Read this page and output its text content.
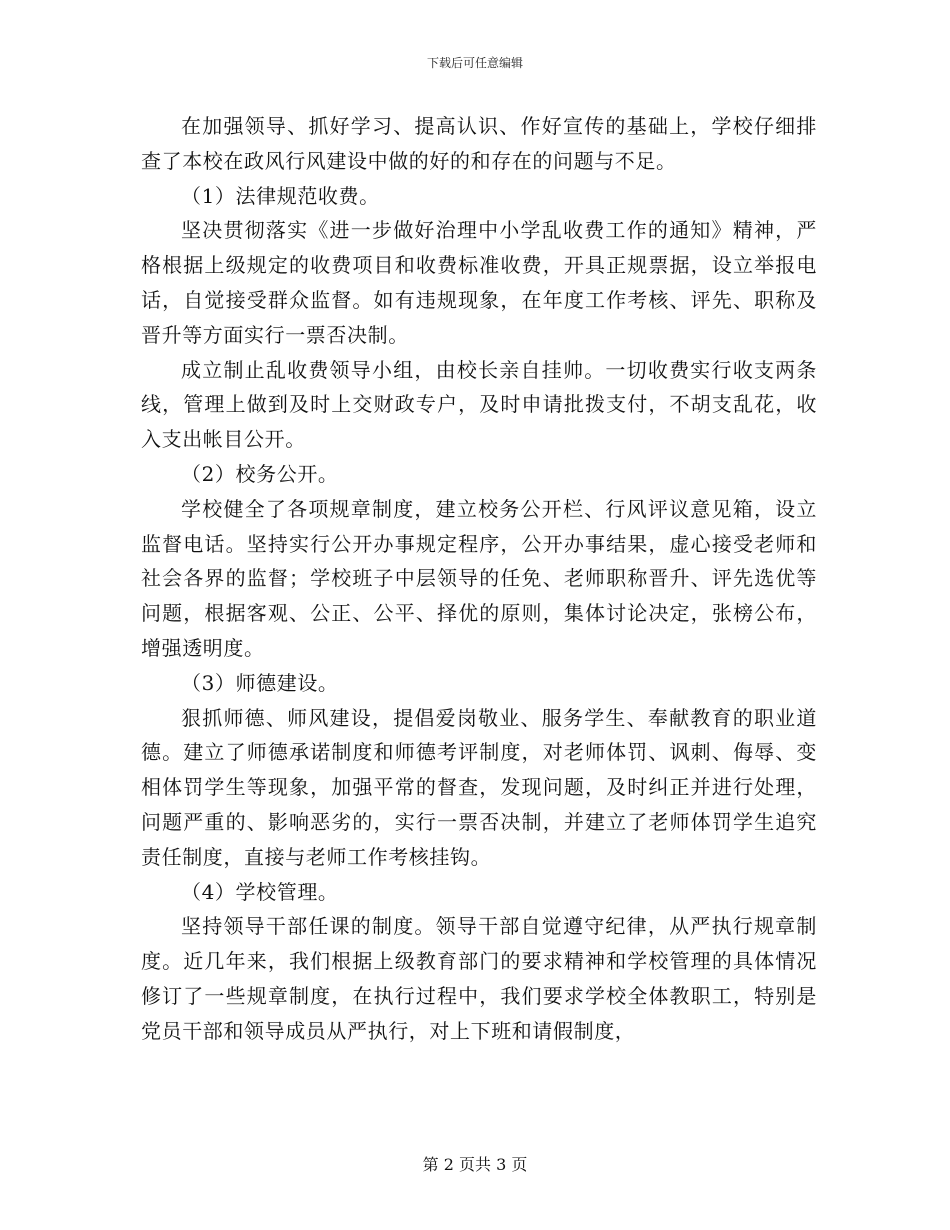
下载后可任意编辑

在加强领导、抓好学习、提高认识、作好宣传的基础上，学校仔细排查了本校在政风行风建设中做的好的和存在的问题与不足。

（1）法律规范收费。

坚决贯彻落实《进一步做好治理中小学乱收费工作的通知》精神，严格根据上级规定的收费项目和收费标准收费，开具正规票据，设立举报电话，自觉接受群众监督。如有违规现象，在年度工作考核、评先、职称及晋升等方面实行一票否决制。

成立制止乱收费领导小组，由校长亲自挂帅。一切收费实行收支两条线，管理上做到及时上交财政专户，及时申请批拨支付，不胡支乱花，收入支出帐目公开。

（2）校务公开。

学校健全了各项规章制度，建立校务公开栏、行风评议意见箱，设立监督电话。坚持实行公开办事规定程序，公开办事结果，虚心接受老师和社会各界的监督；学校班子中层领导的任免、老师职称晋升、评先选优等问题，根据客观、公正、公平、择优的原则，集体讨论决定，张榜公布，增强透明度。

（3）师德建设。

狠抓师德、师风建设，提倡爱岗敬业、服务学生、奉献教育的职业道德。建立了师德承诺制度和师德考评制度，对老师体罚、讽刺、侮辱、变相体罚学生等现象，加强平常的督查，发现问题，及时纠正并进行处理，问题严重的、影响恶劣的，实行一票否决制，并建立了老师体罚学生追究责任制度，直接与老师工作考核挂钩。

（4）学校管理。

坚持领导干部任课的制度。领导干部自觉遵守纪律，从严执行规章制度。近几年来，我们根据上级教育部门的要求精神和学校管理的具体情况修订了一些规章制度，在执行过程中，我们要求学校全体教职工，特别是党员干部和领导成员从严执行，对上下班和请假制度，

第 2 页共 3 页
